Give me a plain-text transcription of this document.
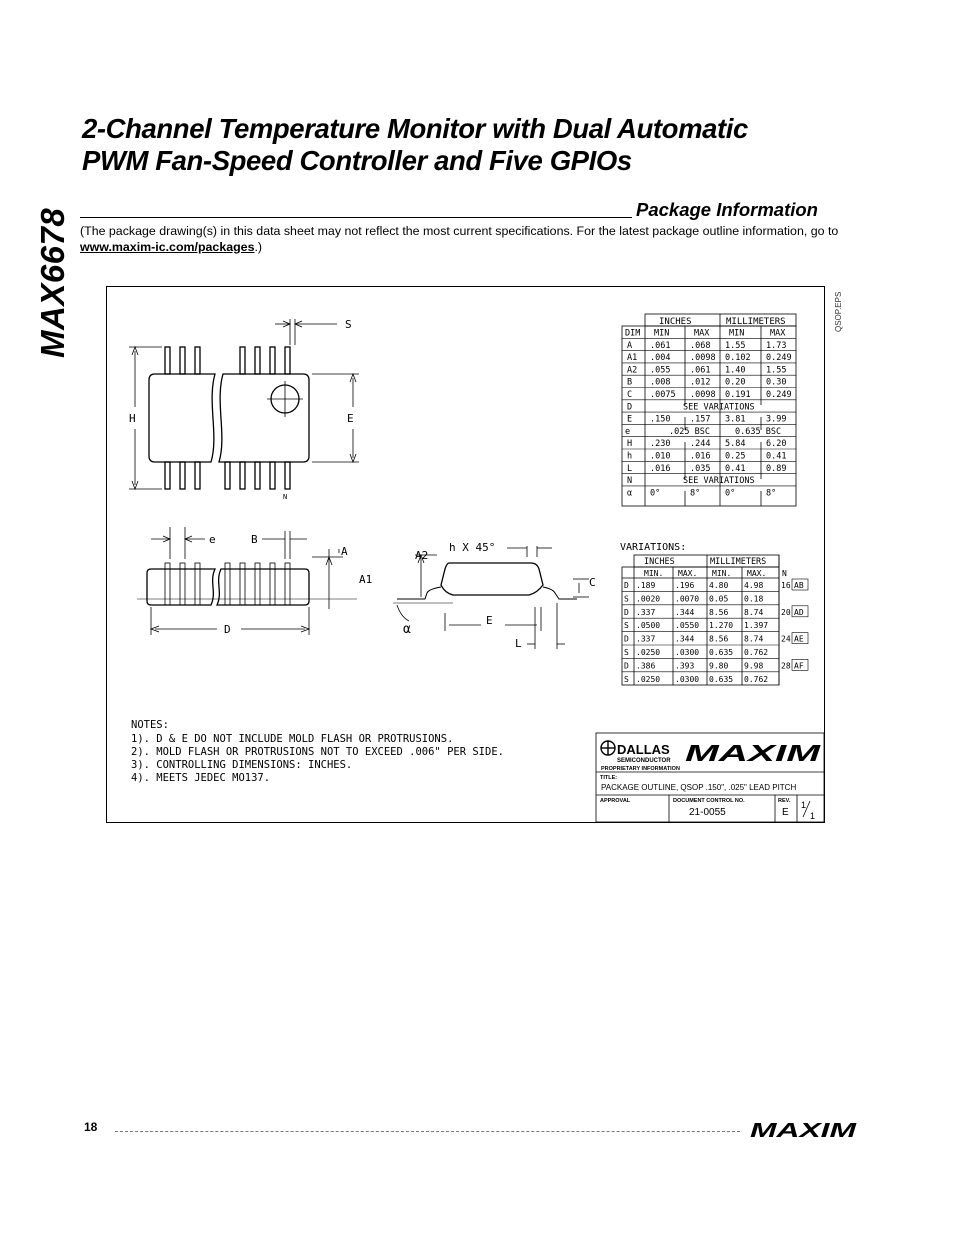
MAX6678
2-Channel Temperature Monitor with Dual Automatic
PWM Fan-Speed Controller and Five GPIOs
Package Information
(The package drawing(s) in this data sheet may not reflect the most current specifications. For the latest package outline information, go to www.maxim-ic.com/packages.)
QSOP.EPS
S
H	E
N
e	B
A
A1
A2
h X 45°
C
D	α
E
L
INCHES	MILLIMETERS
DIM MIN	MAX MIN	MAX
A .061 .068 1.55 1.73
A1 .004 .0098 0.102 0.249
A2 .055 .061 1.40 1.55
B .008 .012 0.20 0.30
C .0075 .0098 0.191 0.249
D	SEE VARIATIONS
E .150 .157 3.81 3.99
e	.025 BSC	0.635 BSC
H .230 .244 5.84 6.20
h .010 .016 0.25 0.41
L .016 .035 0.41 0.89
N	SEE VARIATIONS
α 0°	8°	0°	8°
VARIATIONS:
INCHES	MILLIMETERS
MIN. MAX. MIN. MAX. N
D .189 .196 4.80 4.98 16 AB
S .0020 .0070 0.05 0.18
D .337 .344 8.56 8.74 20 AD
S .0500 .0550 1.270 1.397
D .337 .344 8.56 8.74 24 AE
S .0250 .0300 0.635 0.762
D .386 .393 9.80 9.98 28 AF
S .0250 .0300 0.635 0.762
NOTES:
1). D & E DO NOT INCLUDE MOLD FLASH OR PROTRUSIONS.
2). MOLD FLASH OR PROTRUSIONS NOT TO EXCEED .006" PER SIDE.
3). CONTROLLING DIMENSIONS: INCHES.
4). MEETS JEDEC MO137.
DALLAS
SEMICONDUCTOR MAXIM
PROPRIETARY INFORMATION
TITLE:
PACKAGE OUTLINE, QSOP .150", .025" LEAD PITCH
APPROVAL	DOCUMENT CONTROL NO.
21-0055
REV.
E
1
1
18	MAXIM
